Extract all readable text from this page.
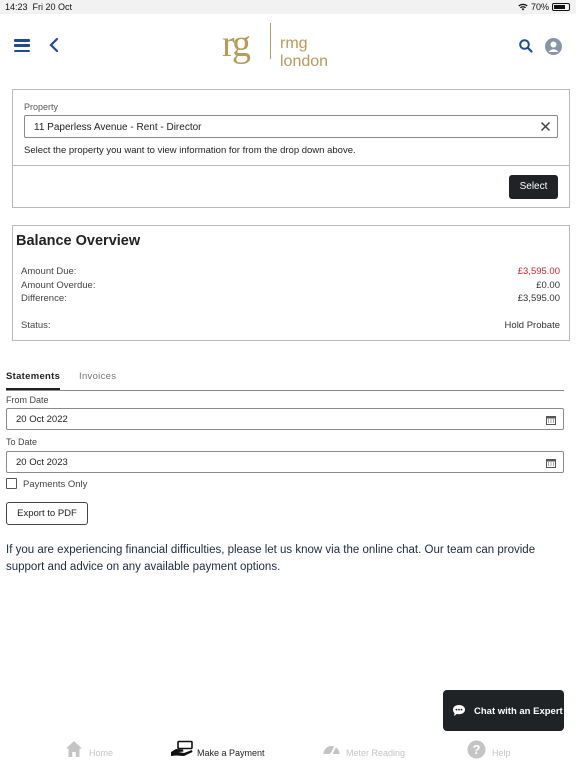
14:23 Fri 20 Oct	70%
rg rmg london
Property
11 Paperless Avenue - Rent - Director
Select the property you want to view information for from the drop down above.
Select
Balance Overview
Amount Due:	£3,595.00
Amount Overdue:	£0.00
Difference:	£3,595.00
Status:	Hold Probate
Statements Invoices
From Date
20 Oct 2022
To Date
20 Oct 2023
Payments Only
Export to PDF

If you are experiencing financial difficulties, please let us know via the online chat. Our team can provide support and advice on any available payment options.

Chat with an Expert
Home	Make a Payment	Meter Reading	? Help
